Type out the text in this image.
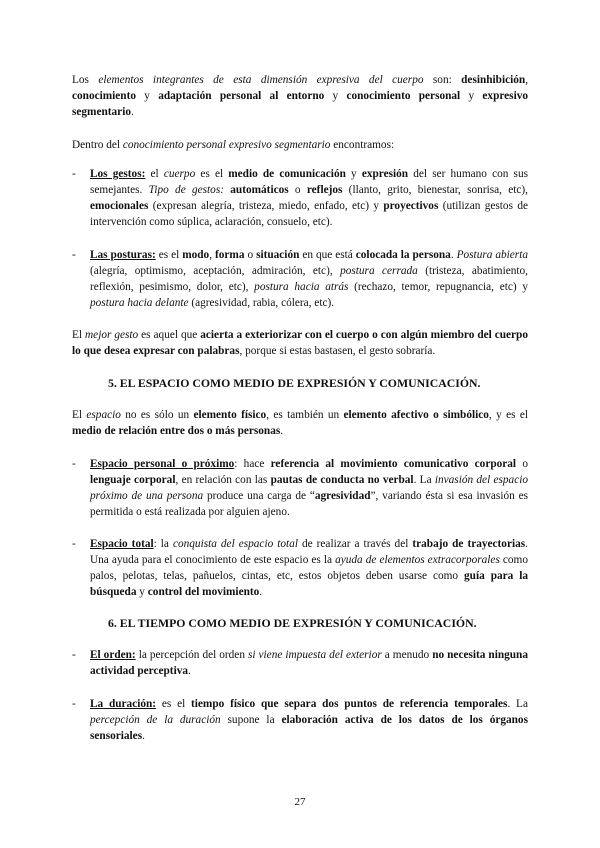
Los elementos integrantes de esta dimensión expresiva del cuerpo son: desinhibición, conocimiento y adaptación personal al entorno y conocimiento personal y expresivo segmentario.

Dentro del conocimiento personal expresivo segmentario encontramos:

- Los gestos: el cuerpo es el medio de comunicación y expresión del ser humano con sus semejantes. Tipo de gestos: automáticos o reflejos (llanto, grito, bienestar, sonrisa, etc), emocionales (expresan alegría, tristeza, miedo, enfado, etc) y proyectivos (utilizan gestos de intervención como súplica, aclaración, consuelo, etc).

- Las posturas: es el modo, forma o situación en que está colocada la persona. Postura abierta (alegría, optimismo, aceptación, admiración, etc), postura cerrada (tristeza, abatimiento, reflexión, pesimismo, dolor, etc), postura hacia atrás (rechazo, temor, repugnancia, etc) y postura hacia delante (agresividad, rabia, cólera, etc).

El mejor gesto es aquel que acierta a exteriorizar con el cuerpo o con algún miembro del cuerpo lo que desea expresar con palabras, porque si estas bastasen, el gesto sobraría.

5. EL ESPACIO COMO MEDIO DE EXPRESIÓN Y COMUNICACIÓN.

El espacio no es sólo un elemento físico, es también un elemento afectivo o simbólico, y es el medio de relación entre dos o más personas.

- Espacio personal o próximo: hace referencia al movimiento comunicativo corporal o lenguaje corporal, en relación con las pautas de conducta no verbal. La invasión del espacio próximo de una persona produce una carga de “agresividad”, variando ésta si esa invasión es permitida o está realizada por alguien ajeno.

- Espacio total: la conquista del espacio total de realizar a través del trabajo de trayectorias. Una ayuda para el conocimiento de este espacio es la ayuda de elementos extracorporales como palos, pelotas, telas, pañuelos, cintas, etc, estos objetos deben usarse como guía para la búsqueda y control del movimiento.

6. EL TIEMPO COMO MEDIO DE EXPRESIÓN Y COMUNICACIÓN.

- El orden: la percepción del orden si viene impuesta del exterior a menudo no necesita ninguna actividad perceptiva.

- La duración: es el tiempo físico que separa dos puntos de referencia temporales. La percepción de la duración supone la elaboración activa de los datos de los órganos sensoriales.

27
